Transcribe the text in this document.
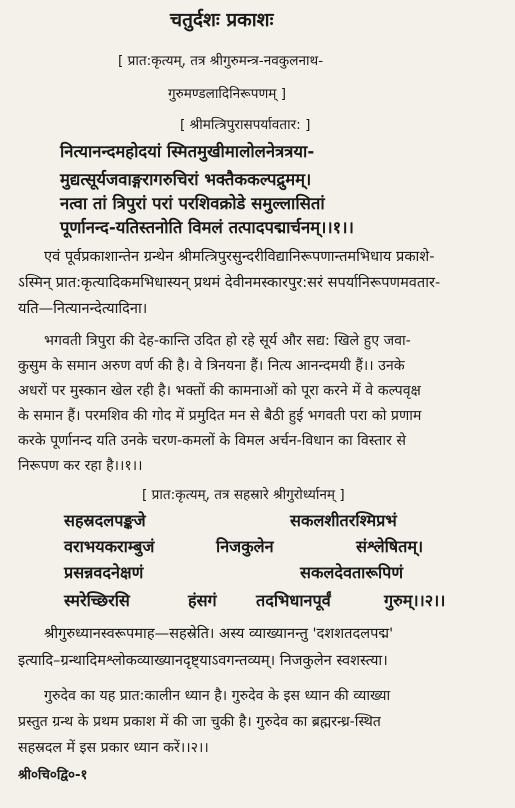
चतुर्दशः प्रकाशः
[ प्रात:कृत्यम्, तत्र श्रीगुरुमन्त्र-नवकुलनाथ-
गुरुमण्डलादिनिरूपणम् ]
[ श्रीमत्त्रिपुरासपर्यावतार: ]
नित्यानन्दमहोदयां स्मितमुखीमालोलनेत्रत्रया-
मुद्यत्सूर्यजवाङ्गरागरुचिरां भक्तैककल्पद्रुमम्।
नत्वा तां त्रिपुरां परां परशिवक्रोडे समुल्लासितां
पूर्णानन्द-यतिस्तनोति विमलं तत्पादपद्मार्चनम्।।१।।
एवं पूर्वप्रकाशान्तेन ग्रन्थेन श्रीमत्त्रिपुरसुन्दरीविद्यानिरूपणान्तमभिधाय प्रकाशे-
ऽस्मिन् प्रात:कृत्यादिकमभिधास्यन् प्रथमं देवीनमस्कारपुर:सरं सपर्यानिरूपणमवतार-
यति—नित्यानन्देत्यादिना।
भगवती त्रिपुरा की देह-कान्ति उदित हो रहे सूर्य और सद्य: खिले हुए जवा-
कुसुम के समान अरुण वर्ण की है। वे त्रिनयना हैं। नित्य आनन्दमयी हैं।। उनके
अधरों पर मुस्कान खेल रही है। भक्तों की कामनाओं को पूरा करने में वे कल्पवृक्ष
के समान हैं। परमशिव की गोद में प्रमुदित मन से बैठी हुई भगवती परा को प्रणाम
करके पूर्णानन्द यति उनके चरण-कमलों के विमल अर्चन-विधान का विस्तार से
निरूपण कर रहा है।।१।।
[ प्रात:कृत्यम्, तत्र सहस्रारे श्रीगुरोर्ध्यानम् ]
सहस्रदलपङ्कजे	सकलशीतरश्मिप्रभं
वराभयकराम्बुजं	निजकुलेन	संश्लेषितम्।
प्रसन्नवदनेक्षणं	सकलदेवतारूपिणं
स्मरेच्छिरसि	हंसगं तदभिधानपूर्वं	गुरुम्।।२।।
श्रीगुरुध्यानस्वरूपमाह—सहस्रेति। अस्य व्याख्यानन्तु 'दशशतदलपद्म'
इत्यादि–ग्रन्थादिमश्लोकव्याख्यानदृष्ट्याऽवगन्तव्यम्। निजकुलेन स्वशस्त्या।
गुरुदेव का यह प्रात:कालीन ध्यान है। गुरुदेव के इस ध्यान की व्याख्या
प्रस्तुत ग्रन्थ के प्रथम प्रकाश में की जा चुकी है। गुरुदेव का ब्रह्मरन्ध्र-स्थित
सहस्रदल में इस प्रकार ध्यान करें।।२।।
श्री०चि०द्वि०-१
